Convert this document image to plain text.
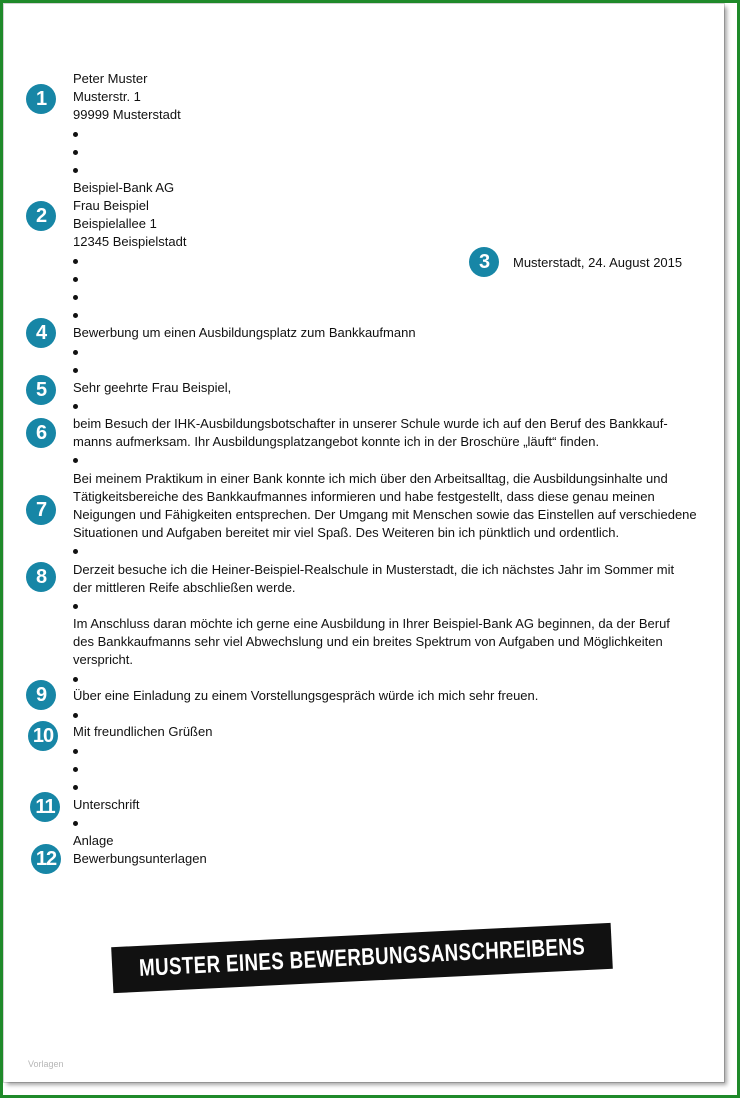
1
Peter Muster
Musterstr. 1
99999 Musterstadt
2
Beispiel-Bank AG
Frau Beispiel
Beispielallee 1
12345 Beispielstadt
3	Musterstadt, 24. August 2015
4	Bewerbung um einen Ausbildungsplatz zum Bankkaufmann
5	Sehr geehrte Frau Beispiel,
6	beim Besuch der IHK-Ausbildungsbotschafter in unserer Schule wurde ich auf den Beruf des Bankkauf-
manns aufmerksam. Ihr Ausbildungsplatzangebot konnte ich in der Broschüre „läuft“ finden.
7
Bei meinem Praktikum in einer Bank konnte ich mich über den Arbeitsalltag, die Ausbildungsinhalte und
Tätigkeitsbereiche des Bankkaufmannes informieren und habe festgestellt, dass diese genau meinen
Neigungen und Fähigkeiten entsprechen. Der Umgang mit Menschen sowie das Einstellen auf verschiedene
Situationen und Aufgaben bereitet mir viel Spaß. Des Weiteren bin ich pünktlich und ordentlich.
8	Derzeit besuche ich die Heiner-Beispiel-Realschule in Musterstadt, die ich nächstes Jahr im Sommer mit
der mittleren Reife abschließen werde.
Im Anschluss daran möchte ich gerne eine Ausbildung in Ihrer Beispiel-Bank AG beginnen, da der Beruf
des Bankkaufmanns sehr viel Abwechslung und ein breites Spektrum von Aufgaben und Möglichkeiten
verspricht.
9	Über eine Einladung zu einem Vorstellungsgespräch würde ich mich sehr freuen.
10	Mit freundlichen Grüßen
11	Unterschrift
12
Anlage
Bewerbungsunterlagen
MUSTER EINES BEWERBUNGSANSCHREIBENS
Vorlagen
